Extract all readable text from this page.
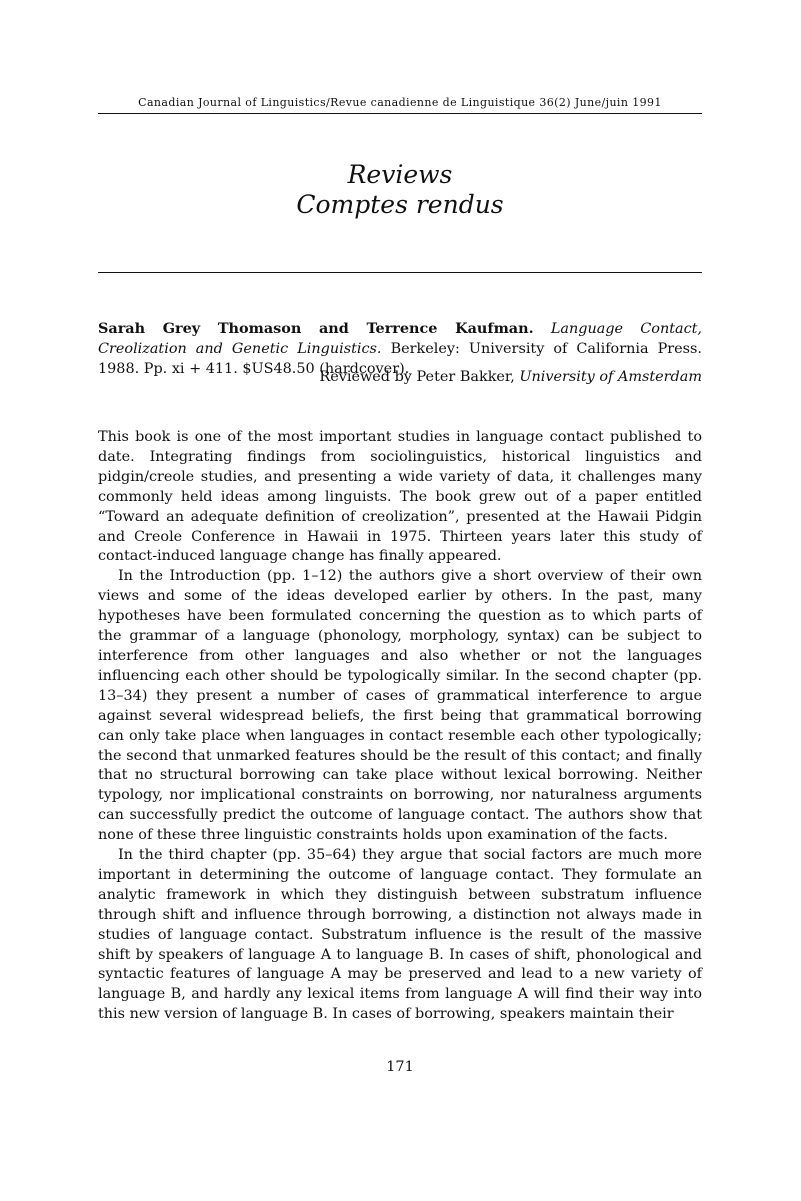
Canadian Journal of Linguistics/Revue canadienne de Linguistique 36(2) June/juin 1991
Reviews
Comptes rendus
Sarah Grey Thomason and Terrence Kaufman. Language Contact, Creolization and Genetic Linguistics. Berkeley: University of California Press. 1988. Pp. xi + 411. $US48.50 (hardcover).
Reviewed by Peter Bakker, University of Amsterdam

This book is one of the most important studies in language contact published to date. Integrating findings from sociolinguistics, historical linguistics and pidgin/creole studies, and presenting a wide variety of data, it challenges many commonly held ideas among linguists. The book grew out of a paper entitled “Toward an adequate definition of creolization”, presented at the Hawaii Pidgin and Creole Conference in Hawaii in 1975. Thirteen years later this study of contact-induced language change has finally appeared.

In the Introduction (pp. 1–12) the authors give a short overview of their own views and some of the ideas developed earlier by others. In the past, many hypotheses have been formulated concerning the question as to which parts of the grammar of a language (phonology, morphology, syntax) can be subject to interference from other languages and also whether or not the languages influencing each other should be typologically similar. In the second chapter (pp. 13–34) they present a number of cases of grammatical interference to argue against several widespread beliefs, the first being that grammatical borrowing can only take place when languages in contact resemble each other typologically; the second that unmarked features should be the result of this contact; and finally that no structural borrowing can take place without lexical borrowing. Neither typology, nor implicational constraints on borrowing, nor naturalness arguments can successfully predict the outcome of language contact. The authors show that none of these three linguistic constraints holds upon examination of the facts.

In the third chapter (pp. 35–64) they argue that social factors are much more important in determining the outcome of language contact. They formulate an analytic framework in which they distinguish between substratum influence through shift and influence through borrowing, a distinction not always made in studies of language contact. Substratum influence is the result of the massive shift by speakers of language A to language B. In cases of shift, phonological and syntactic features of language A may be preserved and lead to a new variety of language B, and hardly any lexical items from language A will find their way into this new version of language B. In cases of borrowing, speakers maintain their

171
